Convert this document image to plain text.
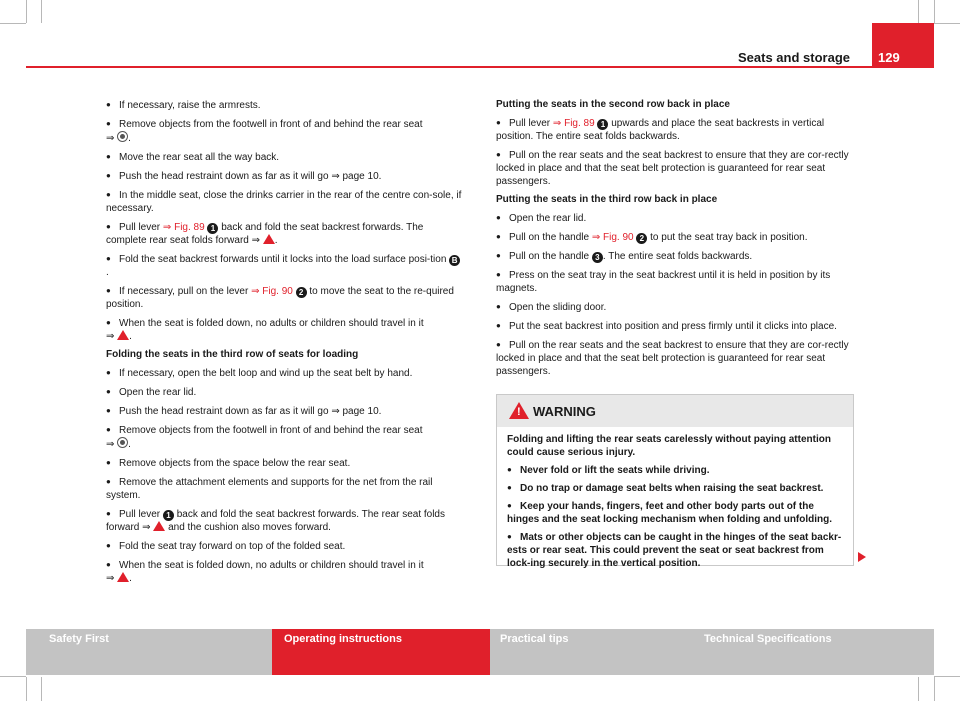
Seats and storage 129

● If necessary, raise the armrests.

● Remove objects from the footwell in front of and behind the rear seat
⇒ .

● Move the rear seat all the way back.

● Push the head restraint down as far as it will go ⇒ page 10.

● In the middle seat, close the drinks carrier in the rear of the centre con-sole, if necessary.

● Pull lever ⇒ Fig. 89 1 back and fold the seat backrest forwards. The complete rear seat folds forward ⇒ .

● Fold the seat backrest forwards until it locks into the load surface posi-tion B.

● If necessary, pull on the lever ⇒ Fig. 90 2 to move the seat to the re-quired position.

● When the seat is folded down, no adults or children should travel in it
⇒ .

Folding the seats in the third row of seats for loading

● If necessary, open the belt loop and wind up the seat belt by hand.

● Open the rear lid.

● Push the head restraint down as far as it will go ⇒ page 10.

● Remove objects from the footwell in front of and behind the rear seat
⇒ .

● Remove objects from the space below the rear seat.

● Remove the attachment elements and supports for the net from the rail system.

● Pull lever 1 back and fold the seat backrest forwards. The rear seat folds forward ⇒ and the cushion also moves forward.

● Fold the seat tray forward on top of the folded seat.

● When the seat is folded down, no adults or children should travel in it
⇒ .

Putting the seats in the second row back in place

● Pull lever ⇒ Fig. 89 1 upwards and place the seat backrests in vertical position. The entire seat folds backwards.

● Pull on the rear seats and the seat backrest to ensure that they are cor-rectly locked in place and that the seat belt protection is guaranteed for rear seat passengers.

Putting the seats in the third row back in place

● Open the rear lid.

● Pull on the handle ⇒ Fig. 90 2 to put the seat tray back in position.

● Pull on the handle 3 . The entire seat folds backwards.

● Press on the seat tray in the seat backrest until it is held in position by its magnets.

● Open the sliding door.

● Put the seat backrest into position and press firmly until it clicks into place.

● Pull on the rear seats and the seat backrest to ensure that they are cor-rectly locked in place and that the seat belt protection is guaranteed for rear seat passengers.

!
WARNING

Folding and lifting the rear seats carelessly without paying attention could cause serious injury.

● Never fold or lift the seats while driving.

● Do no trap or damage seat belts when raising the seat backrest.

● Keep your hands, fingers, feet and other body parts out of the hinges and the seat locking mechanism when folding and unfolding.

● Mats or other objects can be caught in the hinges of the seat backr-ests or rear seat. This could prevent the seat or seat backrest from lock-ing securely in the vertical position.

Safety First	Operating instructions	Practical tips	Technical Specifications
